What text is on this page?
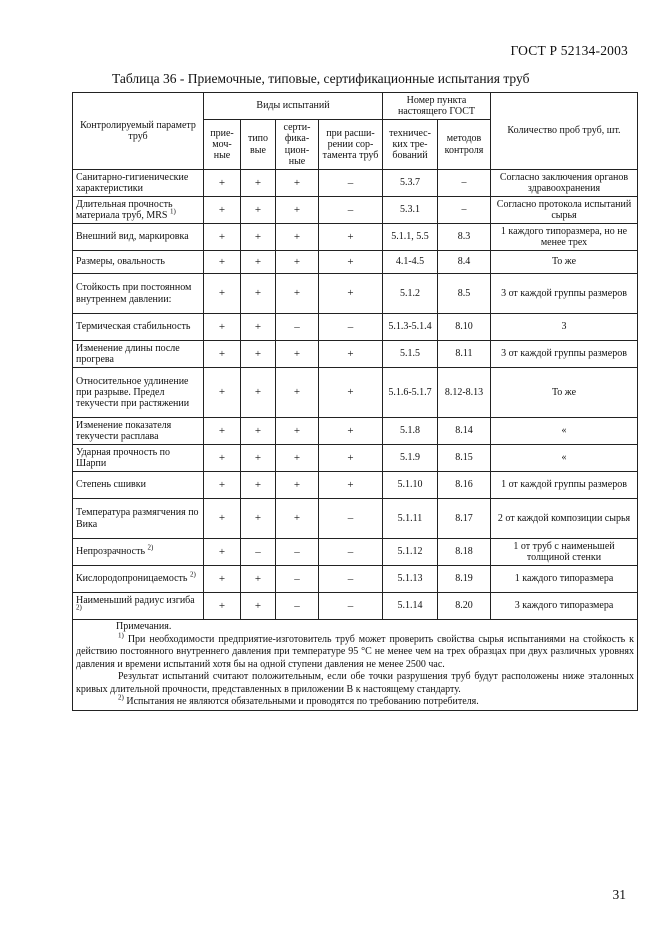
ГОСТ Р 52134-2003
Таблица 36 - Приемочные, типовые, сертификационные испытания труб
Контролируемый параметр труб	Виды испытаний				Номер пункта настоящего ГОСТ		Количество проб труб, шт.
	прие-моч-ные	типо вые	серти-фика-цион-ные	при расши-рении сор-тамента труб	техничес-ких тре-бований	методов контроля	
Санитарно-гигиенические характеристики	+	+	+	–	5.3.7	–	Согласно заключения органов здравоохранения
Длительная прочность материала труб, MRS $^{1)}$	+	+	+	–	5.3.1	–	Согласно протокола испытаний сырья
Внешний вид, маркировка	+	+	+	+	5.1.1, 5.5	8.3	1 каждого типоразмера, но не менее трех
Размеры, овальность	+	+	+	+	4.1-4.5	8.4	То же
Стойкость при постоянном внутреннем давлении:	+	+	+	+	5.1.2	8.5	3 от каждой группы размеров
Термическая стабильность	+	+	–	–	5.1.3-5.1.4	8.10	3
Изменение длины после прогрева	+	+	+	+	5.1.5	8.11	3 от каждой группы размеров
Относительное удлинение при разрыве. Предел текучести при растяжении	+	+	+	+	5.1.6-5.1.7	8.12-8.13	То же
Изменение показателя текучести расплава	+	+	+	+	5.1.8	8.14	«
Ударная прочность по Шарпи	+	+	+	+	5.1.9	8.15	«
Степень сшивки	+	+	+	+	5.1.10	8.16	1 от каждой группы размеров
Температура размягчения по Вика	+	+	+	–	5.1.11	8.17	2 от каждой композиции сырья
Непрозрачность $^{2)}$	+	–	–	–	5.1.12	8.18	1 от труб с наименьшей толщиной стенки
Кислородопроницаемость $^{2)}$	+	+	–	–	5.1.13	8.19	1 каждого типоразмера
Наименьший радиус изгиба $^{2)}$	+	+	–	–	5.1.14	8.20	3 каждого типоразмера

Примечания.

$^{1)}$ При необходимости предприятие-изготовитель труб может проверить свойства сырья испытаниями на стойкость к действию постоянного внутреннего давления при температуре 95 °С не менее чем на трех образцах при двух различных уровнях давления и времени испытаний хотя бы на одной ступени давления не менее 2500 час.

Результат испытаний считают положительным, если обе точки разрушения труб будут расположены ниже эталонных кривых длительной прочности, представленных в приложении В к настоящему стандарту.

$^{2)}$ Испытания не являются обязательными и проводятся по требованию потребителя.							

31
